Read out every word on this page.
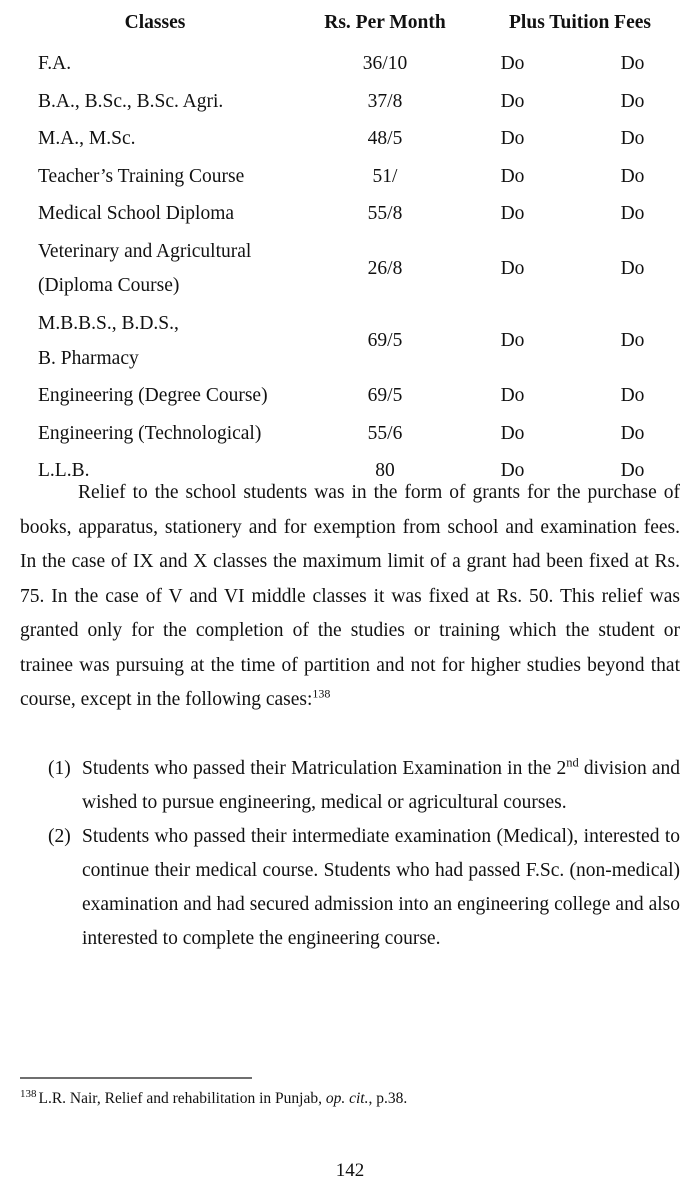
Classes	Rs. Per Month	Plus Tuition Fees	

F.A.	36/10	Do	Do

B.A., B.Sc., B.Sc. Agri.	37/8	Do	Do

M.A., M.Sc.	48/5	Do	Do

Teacher’s Training Course	51/	Do	Do

Medical School Diploma	55/8	Do	Do

Veterinary and Agricultural
(Diploma Course)	26/8	Do	Do

M.B.B.S., B.D.S.,
B. Pharmacy	69/5	Do	Do

Engineering (Degree Course)	69/5	Do	Do

Engineering (Technological)	55/6	Do	Do

L.L.B.	80	Do	Do

Relief to the school students was in the form of grants for the purchase of books, apparatus, stationery and for exemption from school and examination fees. In the case of IX and X classes the maximum limit of a grant had been fixed at Rs. 75. In the case of V and VI middle classes it was fixed at Rs. 50. This relief was granted only for the completion of the studies or training which the student or trainee was pursuing at the time of partition and not for higher studies beyond that course, except in the following cases:$^{138}$

(1) Students who passed their Matriculation Examination in the 2nd division and wished to pursue engineering, medical or agricultural courses.
(2) Students who passed their intermediate examination (Medical), interested to continue their medical course. Students who had passed F.Sc. (non-medical) examination and had secured admission into an engineering college and also interested to complete the engineering course.

$^{138}$ L.R. Nair, Relief and rehabilitation in Punjab, op. cit., p.38.

142
